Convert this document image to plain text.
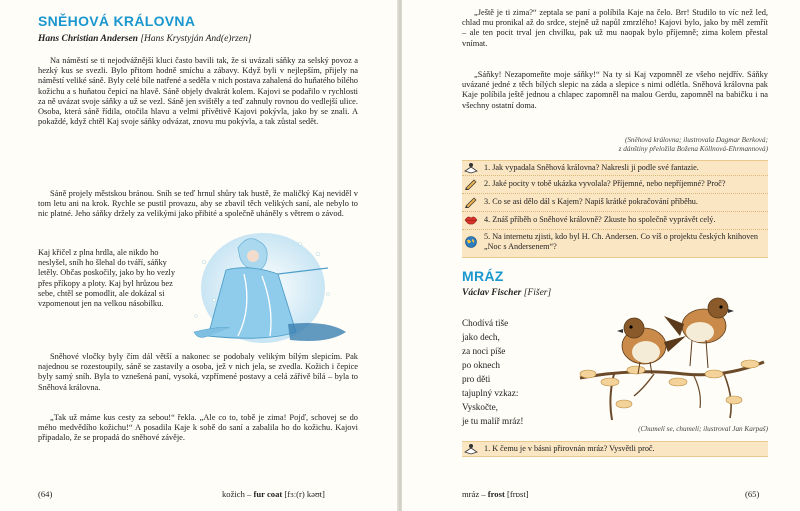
SNĚHOVÁ KRÁLOVNA

Hans Christian Andersen [Hans Krystyján And(e)rzen]

Na náměstí se ti nejodvážnější kluci často bavili tak, že si uvázali sáňky za selský povoz a hezký kus se svezli. Bylo přitom hodně smíchu a zábavy. Když byli v nejlepším, přijely na náměstí veliké sáně. Byly celé bíle natřené a seděla v nich postava zahalená do huňatého bílého kožichu a s huňatou čepicí na hlavě. Sáně objely dvakrát kolem. Kajovi se podařilo v rychlosti za ně uvázat svoje sáňky a už se vezl. Sáně jen svištěly a teď zahnuly rovnou do vedlejší ulice. Osoba, která sáně řídila, otočila hlavu a velmi přívětivě Kajovi pokývla, jako by se znali. A pokaždé, když chtěl Kaj svoje sáňky odvázat, znovu mu pokývla, a tak zůstal sedět.

Sáně projely městskou bránou. Sníh se teď hrnul shůry tak hustě, že maličký Kaj neviděl v tom letu ani na krok. Rychle se pustil provazu, aby se zbavil těch velikých saní, ale nebylo to nic platné. Jeho sáňky držely za velikými jako přibité a společně uháněly s větrem o závod.

Kaj křičel z plna hrdla, ale nikdo ho neslyšel, sníh ho šlehal do tváří, sáňky letěly. Občas poskočily, jako by ho vezly přes příkopy a ploty. Kaj byl hrůzou bez sebe, chtěl se pomodlit, ale dokázal si vzpomenout jen na velkou násobilku.

Sněhové vločky byly čím dál větší a nakonec se podobaly velikým bílým slepicím. Pak najednou se rozestoupily, sáně se zastavily a osoba, jež v nich jela, se zvedla. Kožich i čepice byly samý sníh. Byla to vznešená paní, vysoká, vzpřímené postavy a celá zářivě bílá – byla to Sněhová královna.

„Tak už máme kus cesty za sebou!“ řekla. „Ale co to, tobě je zima! Pojď, schovej se do mého medvědího kožichu!“ A posadila Kaje k sobě do saní a zabalila ho do kožichu. Kajovi připadalo, že se propadá do sněhové závěje.

(64)	kožich – fur coat [fɜː(r) kəʊt]

„Ještě je ti zima?“ zeptala se paní a políbila Kaje na čelo. Brr! Studilo to víc než led, chlad mu pronikal až do srdce, stejně už napůl zmrzlého! Kajovi bylo, jako by měl zemřít – ale ten pocit trval jen chvilku, pak už mu naopak bylo příjemně; zima kolem přestal vnímat.

„Sáňky! Nezapomeňte moje sáňky!“ Na ty si Kaj vzpomněl ze všeho nejdřív. Sáňky uvázané jedné z těch bílých slepic na záda a slepice s nimi odlétla. Sněhová královna pak Kaje políbila ještě jednou a chlapec zapomněl na malou Gerdu, zapomněl na babičku i na všechny ostatní doma.

(Sněhová královna; ilustrovala Dagmar Berková;
z dánštiny přeložila Božena Köllnová-Ehrmannová)

1. Jak vypadala Sněhová královna? Nakresli ji podle své fantazie.
2. Jaké pocity v tobě ukázka vyvolala? Příjemné, nebo nepříjemné? Proč?
3. Co se asi dělo dál s Kajem? Napiš krátké pokračování příběhu.
4. Znáš příběh o Sněhové královně? Zkuste ho společně vyprávět celý.
5. Na internetu zjisti, kdo byl H. Ch. Andersen. Co víš o projektu českých knihoven „Noc s Andersenem“?
MRÁZ

Václav Fischer [Fišer]

Chodívá tiše
jako dech,
za noci píše
po oknech
pro děti
tajuplný vzkaz:
Vyskočte,
je tu malíř mráz!

(Chumelí se, chumelí; ilustroval Jan Karpaš)

1. K čemu je v básni přirovnán mráz? Vysvětli proč.
mráz – frost [frɒst]	(65)
